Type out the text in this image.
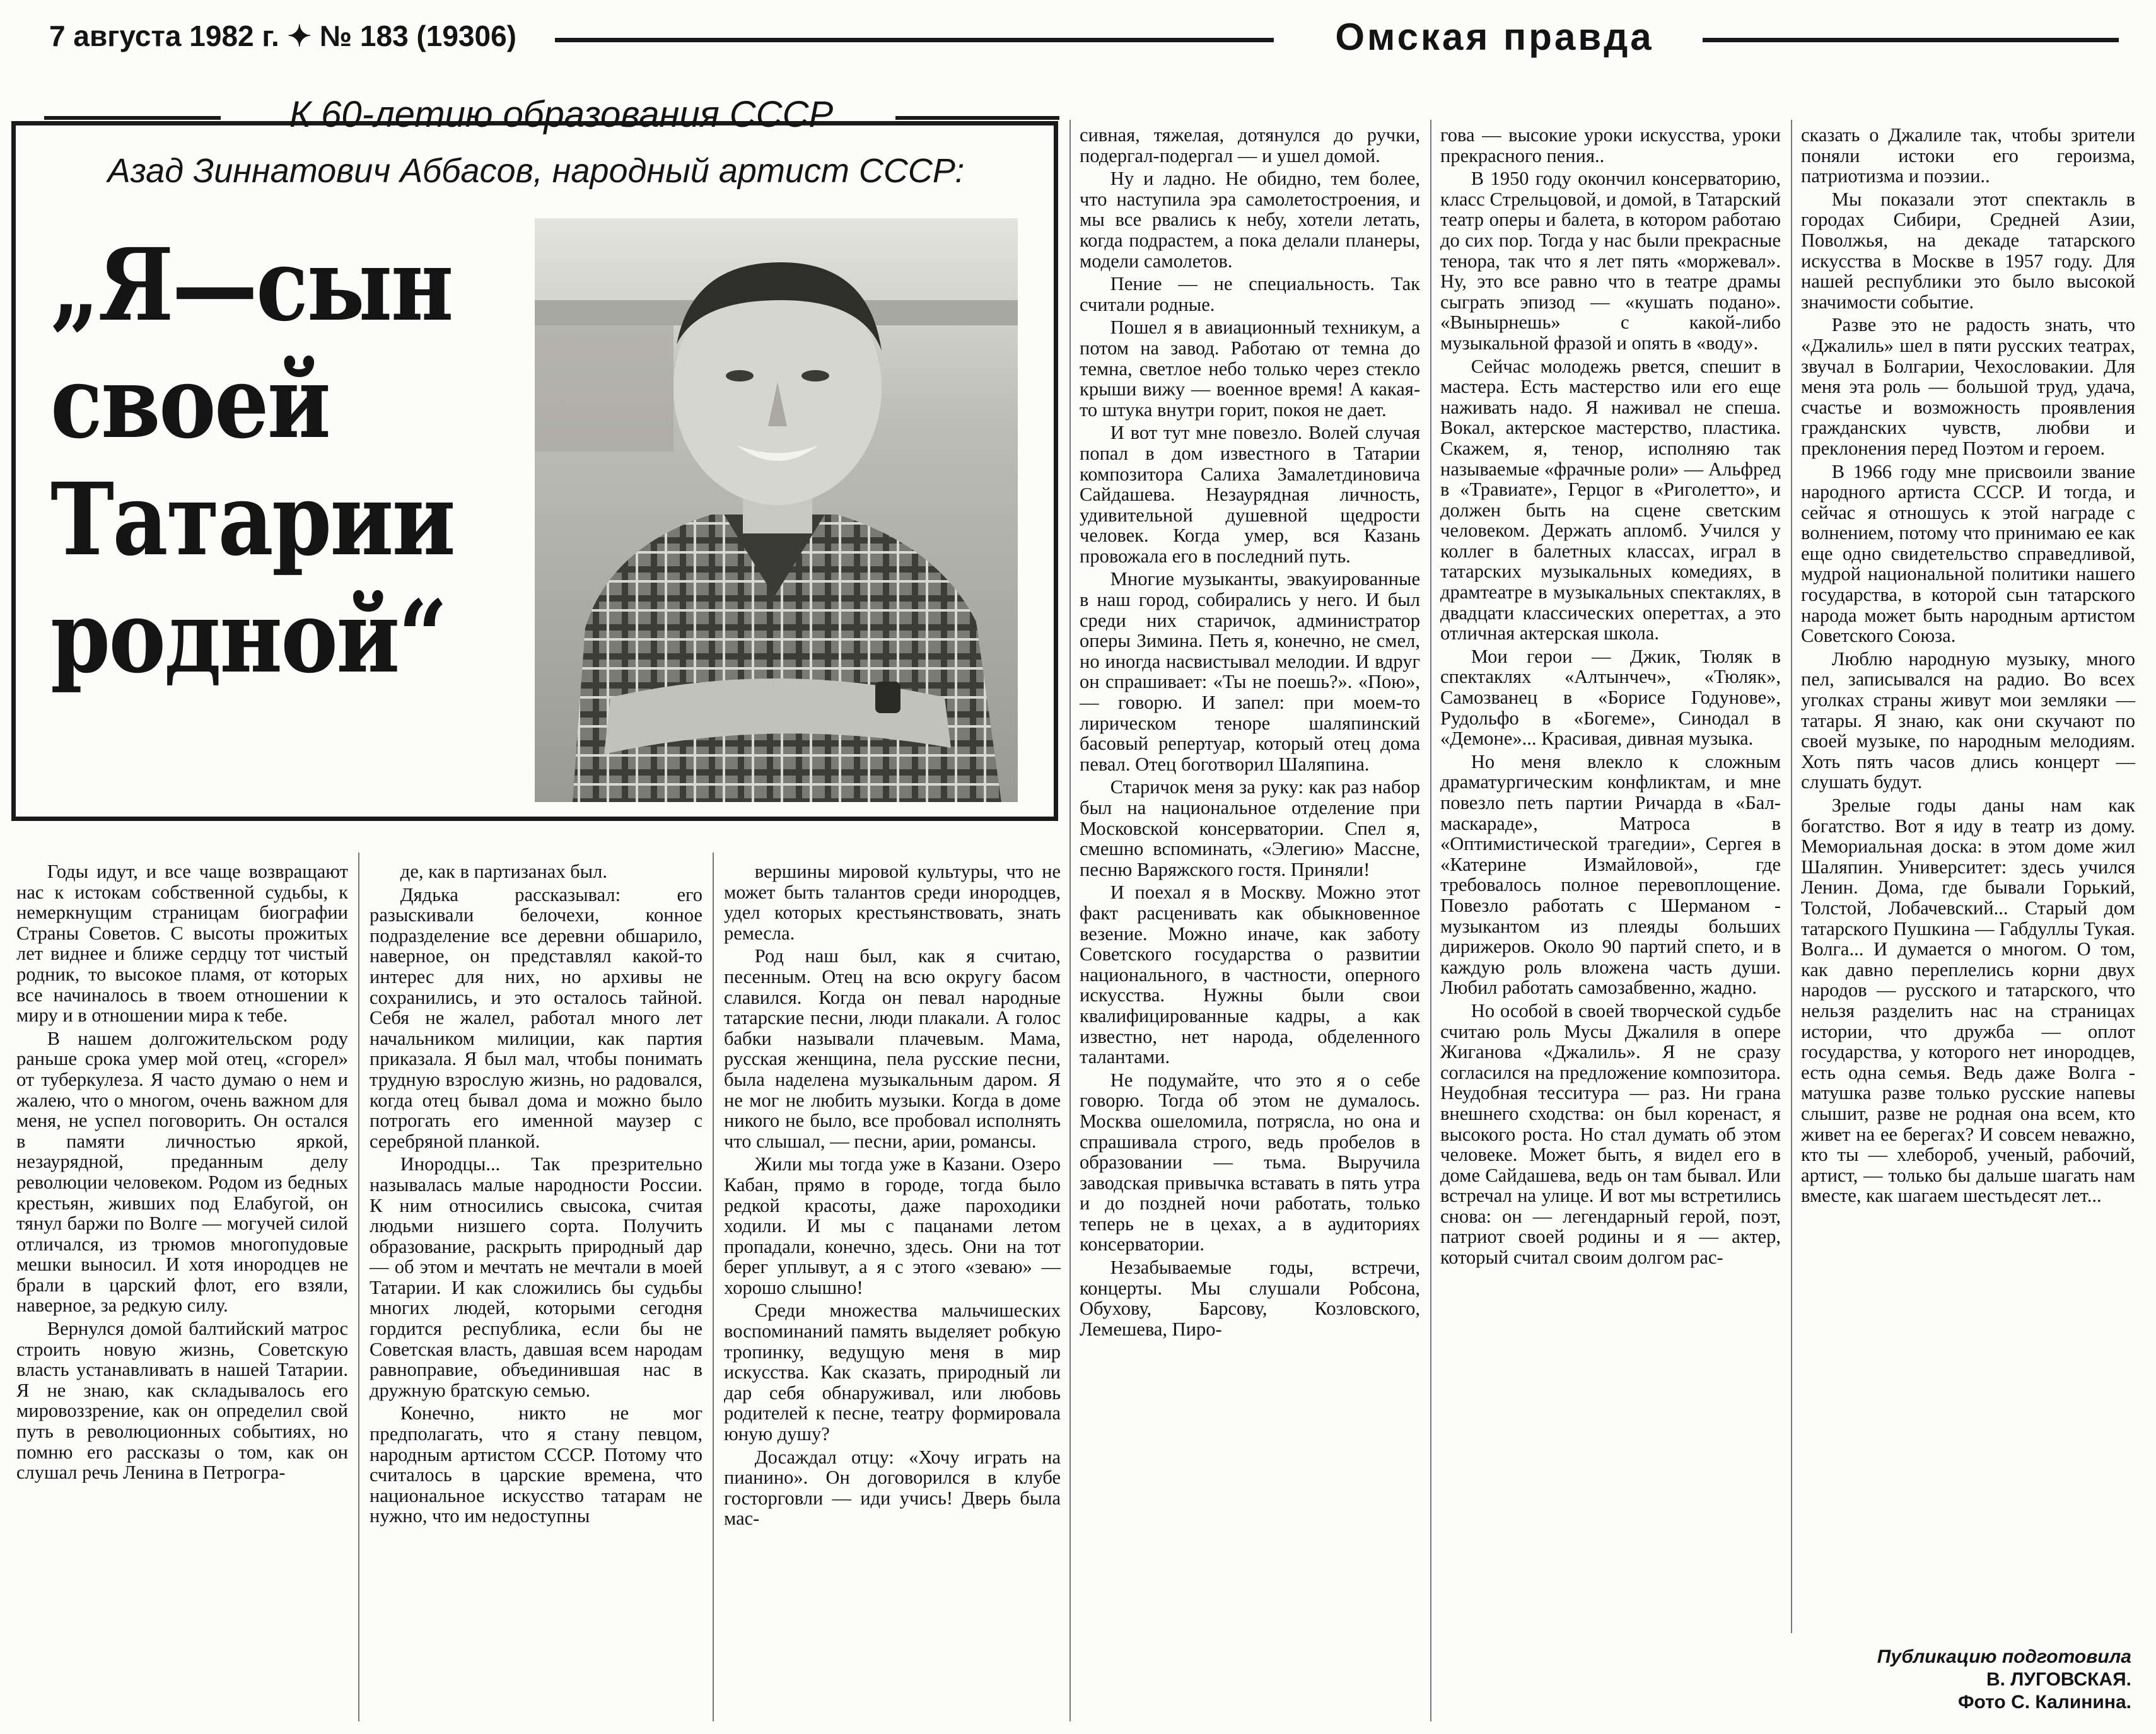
7 августа 1982 г. ✦ № 183 (19306)	Омская правда
К 60-летию образования СССР
Азад Зиннатович Аббасов, народный артист СССР:
„Я—сын
своей
Татарии
родной“

Годы идут, и все чаще возвращают нас к истокам собственной судьбы, к немеркнущим страницам биографии Страны Советов. С высоты прожитых лет виднее и ближе сердцу тот чистый родник, то высокое пламя, от которых все начиналось в твоем отношении к миру и в отношении мира к тебе.

В нашем долгожительском роду раньше срока умер мой отец, «сгорел» от туберкулеза. Я часто думаю о нем и жалею, что о многом, очень важном для меня, не успел поговорить. Он остался в памяти личностью яркой, незаурядной, преданным делу революции человеком. Родом из бедных крестьян, живших под Елабугой, он тянул баржи по Волге — могучей силой отличался, из трюмов многопудовые мешки выносил. И хотя инородцев не брали в царский флот, его взяли, наверное, за редкую силу.

Вернулся домой балтийский матрос строить новую жизнь, Советскую власть устанавливать в нашей Татарии. Я не знаю, как складывалось его мировоззрение, как он определил свой путь в революционных событиях, но помню его рассказы о том, как он слушал речь Ленина в Петрогра-

де, как в партизанах был.

Дядька рассказывал: его разыскивали белочехи, конное подразделение все деревни обшарило, наверное, он представлял какой-то интерес для них, но архивы не сохранились, и это осталось тайной. Себя не жалел, работал много лет начальником милиции, как партия приказала. Я был мал, чтобы понимать трудную взрослую жизнь, но радовался, когда отец бывал дома и можно было потрогать его именной маузер с серебряной планкой.

Инородцы... Так презрительно называлась малые народности России. К ним относились свысока, считая людьми низшего сорта. Получить образование, раскрыть природный дар — об этом и мечтать не мечтали в моей Татарии. И как сложились бы судьбы многих людей, которыми сегодня гордится республика, если бы не Советская власть, давшая всем народам равноправие, объединившая нас в дружную братскую семью.

Конечно, никто не мог предполагать, что я стану певцом, народным артистом СССР. Потому что считалось в царские времена, что национальное искусство татарам не нужно, что им недоступны

вершины мировой культуры, что не может быть талантов среди инородцев, удел которых крестьянствовать, знать ремесла.

Род наш был, как я считаю, песенным. Отец на всю округу басом славился. Когда он певал народные татарские песни, люди плакали. А голос бабки называли плачевым. Мама, русская женщина, пела русские песни, была наделена музыкальным даром. Я не мог не любить музыки. Когда в доме никого не было, все пробовал исполнять что слышал, — песни, арии, романсы.

Жили мы тогда уже в Казани. Озеро Кабан, прямо в городе, тогда было редкой красоты, даже пароходики ходили. И мы с пацанами летом пропадали, конечно, здесь. Они на тот берег уплывут, а я с этого «зеваю» — хорошо слышно!

Среди множества мальчишеских воспоминаний память выделяет робкую тропинку, ведущую меня в мир искусства. Как сказать, природный ли дар себя обнаруживал, или любовь родителей к песне, театру формировала юную душу?

Досаждал отцу: «Хочу играть на пианино». Он договорился в клубе госторговли — иди учись! Дверь была мас-

сивная, тяжелая, дотянулся до ручки, подергал-подергал — и ушел домой.

Ну и ладно. Не обидно, тем более, что наступила эра самолетостроения, и мы все рвались к небу, хотели летать, когда подрастем, а пока делали планеры, модели самолетов.

Пение — не специальность. Так считали родные.

Пошел я в авиационный техникум, а потом на завод. Работаю от темна до темна, светлое небо только через стекло крыши вижу — военное время! А какая-то штука внутри горит, покоя не дает.

И вот тут мне повезло. Волей случая попал в дом известного в Татарии композитора Салиха Замалетдиновича Сайдашева. Незаурядная личность, удивительной душевной щедрости человек. Когда умер, вся Казань провожала его в последний путь.

Многие музыканты, эвакуированные в наш город, собирались у него. И был среди них старичок, администратор оперы Зимина. Петь я, конечно, не смел, но иногда насвистывал мелодии. И вдруг он спрашивает: «Ты не поешь?». «Пою», — говорю. И запел: при моем-то лирическом теноре шаляпинский басовый репертуар, который отец дома певал. Отец боготворил Шаляпина.

Старичок меня за руку: как раз набор был на национальное отделение при Московской консерватории. Спел я, смешно вспоминать, «Элегию» Массне, песню Варяжского гостя. Приняли!

И поехал я в Москву. Можно этот факт расценивать как обыкновенное везение. Можно иначе, как заботу Советского государства о развитии национального, в частности, оперного искусства. Нужны были свои квалифицированные кадры, а как известно, нет народа, обделенного талантами.

Не подумайте, что это я о себе говорю. Тогда об этом не думалось. Москва ошеломила, потрясла, но она и спрашивала строго, ведь пробелов в образовании — тьма. Выручила заводская привычка вставать в пять утра и до поздней ночи работать, только теперь не в цехах, а в аудиториях консерватории.

Незабываемые годы, встречи, концерты. Мы слушали Робсона, Обухову, Барсову, Козловского, Лемешева, Пиро-

гова — высокие уроки искусства, уроки прекрасного пения..

В 1950 году окончил консерваторию, класс Стрельцовой, и домой, в Татарский театр оперы и балета, в котором работаю до сих пор. Тогда у нас были прекрасные тенора, так что я лет пять «моржевал». Ну, это все равно что в театре драмы сыграть эпизод — «кушать подано». «Вынырнешь» с какой-либо музыкальной фразой и опять в «воду».

Сейчас молодежь рвется, спешит в мастера. Есть мастерство или его еще наживать надо. Я наживал не спеша. Вокал, актерское мастерство, пластика. Скажем, я, тенор, исполняю так называемые «фрачные роли» — Альфред в «Травиате», Герцог в «Риголетто», и должен быть на сцене светским человеком. Держать апломб. Учился у коллег в балетных классах, играл в татарских музыкальных комедиях, в драмтеатре в музыкальных спектаклях, в двадцати классических опереттах, а это отличная актерская школа.

Мои герои — Джик, Тюляк в спектаклях «Алтынчеч», «Тюляк», Самозванец в «Борисе Годунове», Рудольфо в «Богеме», Синодал в «Демоне»... Красивая, дивная музыка.

Но меня влекло к сложным драматургическим конфликтам, и мне повезло петь партии Ричарда в «Бал-маскараде», Матроса в «Оптимистической трагедии», Сергея в «Катерине Измайловой», где требовалось полное перевоплощение. Повезло работать с Шерманом - музыкантом из плеяды больших дирижеров. Около 90 партий спето, и в каждую роль вложена часть души. Любил работать самозабвенно, жадно.

Но особой в своей творческой судьбе считаю роль Мусы Джалиля в опере Жиганова «Джалиль». Я не сразу согласился на предложение композитора. Неудобная тесситура — раз. Ни грана внешнего сходства: он был коренаст, я высокого роста. Но стал думать об этом человеке. Может быть, я видел его в доме Сайдашева, ведь он там бывал. Или встречал на улице. И вот мы встретились снова: он — легендарный герой, поэт, патриот своей родины и я — актер, который считал своим долгом рас-

сказать о Джалиле так, чтобы зрители поняли истоки его героизма, патриотизма и поэзии..

Мы показали этот спектакль в городах Сибири, Средней Азии, Поволжья, на декаде татарского искусства в Москве в 1957 году. Для нашей республики это было высокой значимости событие.

Разве это не радость знать, что «Джалиль» шел в пяти русских театрах, звучал в Болгарии, Чехословакии. Для меня эта роль — большой труд, удача, счастье и возможность проявления гражданских чувств, любви и преклонения перед Поэтом и героем.

В 1966 году мне присвоили звание народного артиста СССР. И тогда, и сейчас я отношусь к этой награде с волнением, потому что принимаю ее как еще одно свидетельство справедливой, мудрой национальной политики нашего государства, в которой сын татарского народа может быть народным артистом Советского Союза.

Люблю народную музыку, много пел, записывался на радио. Во всех уголках страны живут мои земляки — татары. Я знаю, как они скучают по своей музыке, по народным мелодиям. Хоть пять часов длись концерт — слушать будут.

Зрелые годы даны нам как богатство. Вот я иду в театр из дому. Мемориальная доска: в этом доме жил Шаляпин. Университет: здесь учился Ленин. Дома, где бывали Горький, Толстой, Лобачевский... Старый дом татарского Пушкина — Габдуллы Тукая. Волга... И думается о многом. О том, как давно переплелись корни двух народов — русского и татарского, что нельзя разделить нас на страницах истории, что дружба — оплот государства, у которого нет инородцев, есть одна семья. Ведь даже Волга - матушка разве только русские напевы слышит, разве не родная она всем, кто живет на ее берегах? И совсем неважно, кто ты — хлебороб, ученый, рабочий, артист, — только бы дальше шагать нам вместе, как шагаем шестьдесят лет...

Публикацию подготовила
В. ЛУГОВСКАЯ.
Фото С. Калинина.
